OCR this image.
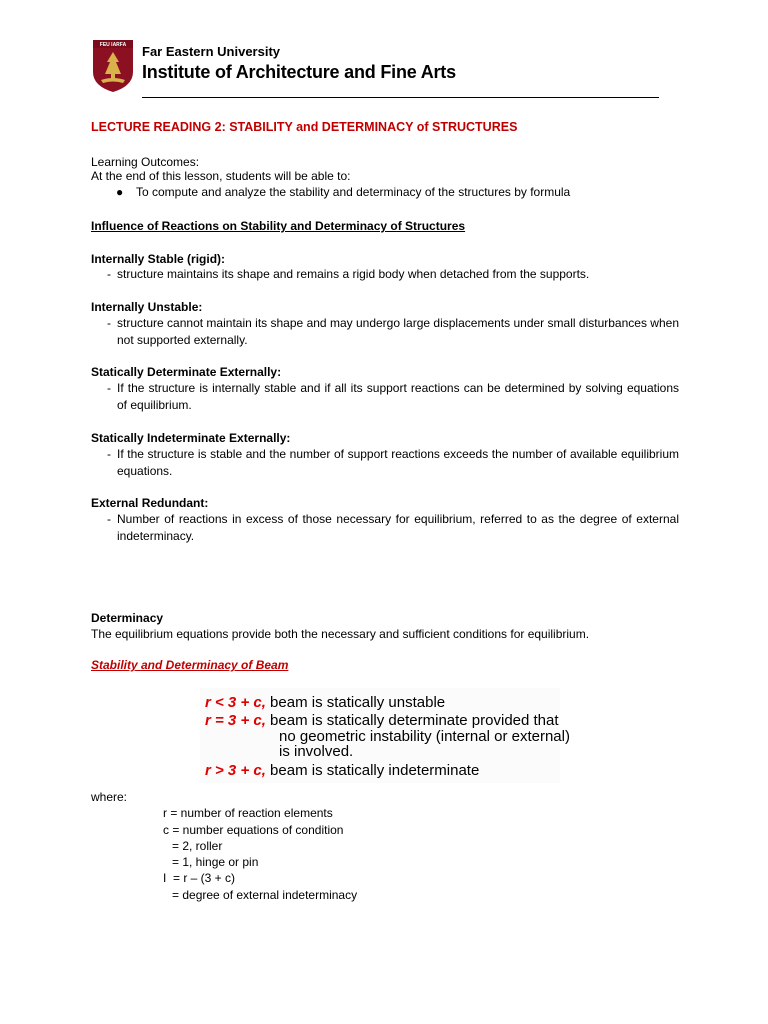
FEU IARFA Far Eastern University
Institute of Architecture and Fine Arts
LECTURE READING 2: STABILITY and DETERMINACY of STRUCTURES
Learning Outcomes:
At the end of this lesson, students will be able to:
● To compute and analyze the stability and determinacy of the structures by formula
Influence of Reactions on Stability and Determinacy of Structures
Internally Stable (rigid):
- structure maintains its shape and remains a rigid body when detached from the supports.
Internally Unstable:
- structure cannot maintain its shape and may undergo large displacements under small disturbances when not supported externally.
Statically Determinate Externally:
- If the structure is internally stable and if all its support reactions can be determined by solving equations of equilibrium.
Statically Indeterminate Externally:
- If the structure is stable and the number of support reactions exceeds the number of available equilibrium equations.
External Redundant:
- Number of reactions in excess of those necessary for equilibrium, referred to as the degree of external indeterminacy.
Determinacy
The equilibrium equations provide both the necessary and sufficient conditions for equilibrium.
Stability and Determinacy of Beam
r < 3 + c, beam is statically unstable
r = 3 + c, beam is statically determinate provided that
no geometric instability (internal or external)
is involved.
r > 3 + c, beam is statically indeterminate
where:
r = number of reaction elements
c = number equations of condition
= 2, roller
= 1, hinge or pin
I  = r – (3 + c)
= degree of external indeterminacy
